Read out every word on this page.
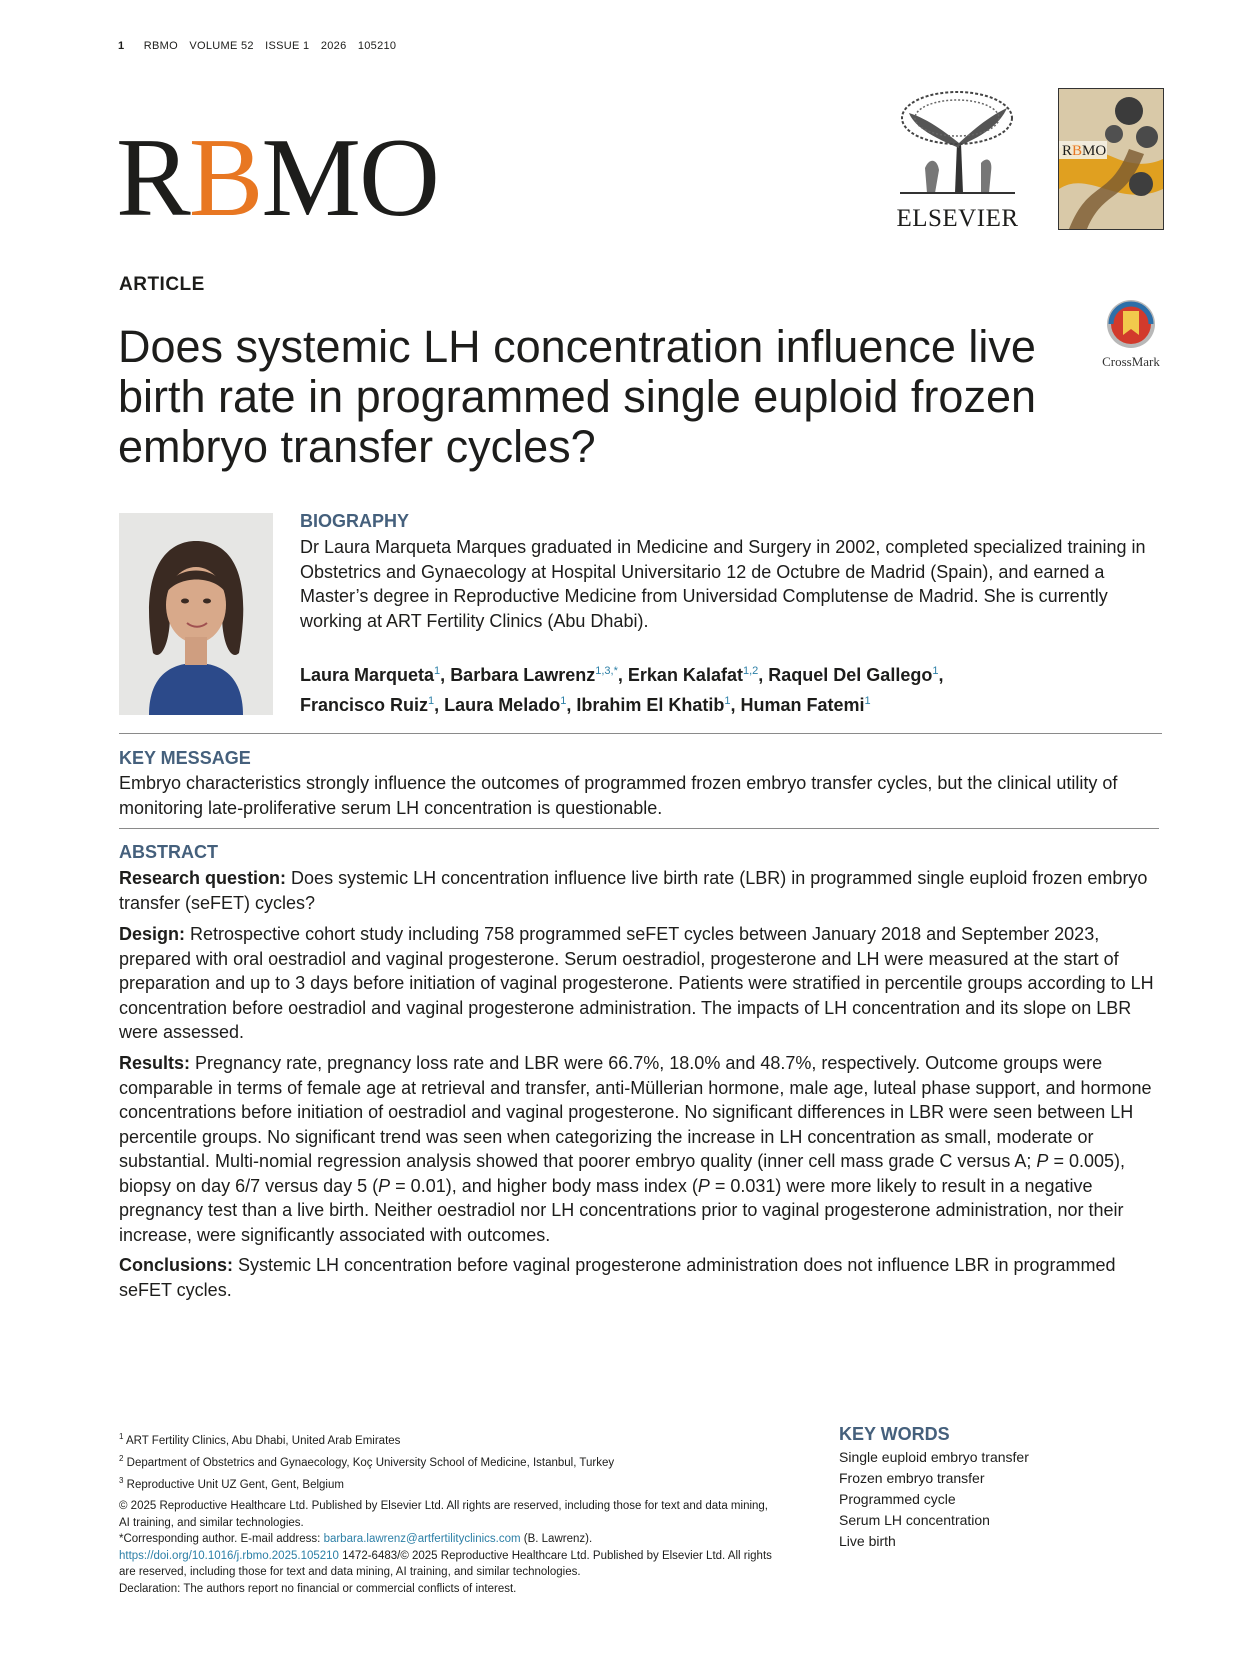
1 RBMO VOLUME 52 ISSUE 1 2026 105210
RBMO	ELSEVIER
RBMO
CrossMark
ARTICLE
Does systemic LH concentration influence live birth rate in programmed single euploid frozen embryo transfer cycles?
BIOGRAPHY

Dr Laura Marqueta Marques graduated in Medicine and Surgery in 2002, completed specialized training in Obstetrics and Gynaecology at Hospital Universitario 12 de Octubre de Madrid (Spain), and earned a Master’s degree in Reproductive Medicine from Universidad Complutense de Madrid. She is currently working at ART Fertility Clinics (Abu Dhabi).

Laura Marqueta$^1$, Barbara Lawrenz$^{1,3,*}$, Erkan Kalafat$^{1,2}$, Raquel Del Gallego$^1$,
Francisco Ruiz$^1$, Laura Melado$^1$, Ibrahim El Khatib$^1$, Human Fatemi$^1$

KEY MESSAGE

Embryo characteristics strongly influence the outcomes of programmed frozen embryo transfer cycles, but the clinical utility of monitoring late-proliferative serum LH concentration is questionable.

ABSTRACT

Research question: Does systemic LH concentration influence live birth rate (LBR) in programmed single euploid frozen embryo transfer (seFET) cycles?

Design: Retrospective cohort study including 758 programmed seFET cycles between January 2018 and September 2023, prepared with oral oestradiol and vaginal progesterone. Serum oestradiol, progesterone and LH were measured at the start of preparation and up to 3 days before initiation of vaginal progesterone. Patients were stratified in percentile groups according to LH concentration before oestradiol and vaginal progesterone administration. The impacts of LH concentration and its slope on LBR were assessed.

Results: Pregnancy rate, pregnancy loss rate and LBR were 66.7%, 18.0% and 48.7%, respectively. Outcome groups were comparable in terms of female age at retrieval and transfer, anti-Müllerian hormone, male age, luteal phase support, and hormone concentrations before initiation of oestradiol and vaginal progesterone. No significant differences in LBR were seen between LH percentile groups. No significant trend was seen when categorizing the increase in LH concentration as small, moderate or substantial. Multi-nomial regression analysis showed that poorer embryo quality (inner cell mass grade C versus A; P = 0.005), biopsy on day 6/7 versus day 5 (P = 0.01), and higher body mass index (P = 0.031) were more likely to result in a negative pregnancy test than a live birth. Neither oestradiol nor LH concentrations prior to vaginal progesterone administration, nor their increase, were significantly associated with outcomes.

Conclusions: Systemic LH concentration before vaginal progesterone administration does not influence LBR in programmed seFET cycles.

$^1$ ART Fertility Clinics, Abu Dhabi, United Arab Emirates
$^2$ Department of Obstetrics and Gynaecology, Koç University School of Medicine, Istanbul, Turkey
$^3$ Reproductive Unit UZ Gent, Gent, Belgium
© 2025 Reproductive Healthcare Ltd. Published by Elsevier Ltd. All rights are reserved, including those for text and data mining, AI training, and similar technologies.
*Corresponding author. E-mail address: barbara.lawrenz@artfertilityclinics.com (B. Lawrenz). https://doi.org/10.1016/j.rbmo.2025.105210 1472-6483/© 2025 Reproductive Healthcare Ltd. Published by Elsevier Ltd. All rights are reserved, including those for text and data mining, AI training, and similar technologies.
Declaration: The authors report no financial or commercial conflicts of interest.
KEY WORDS
Single euploid embryo transfer
Frozen embryo transfer
Programmed cycle
Serum LH concentration
Live birth
